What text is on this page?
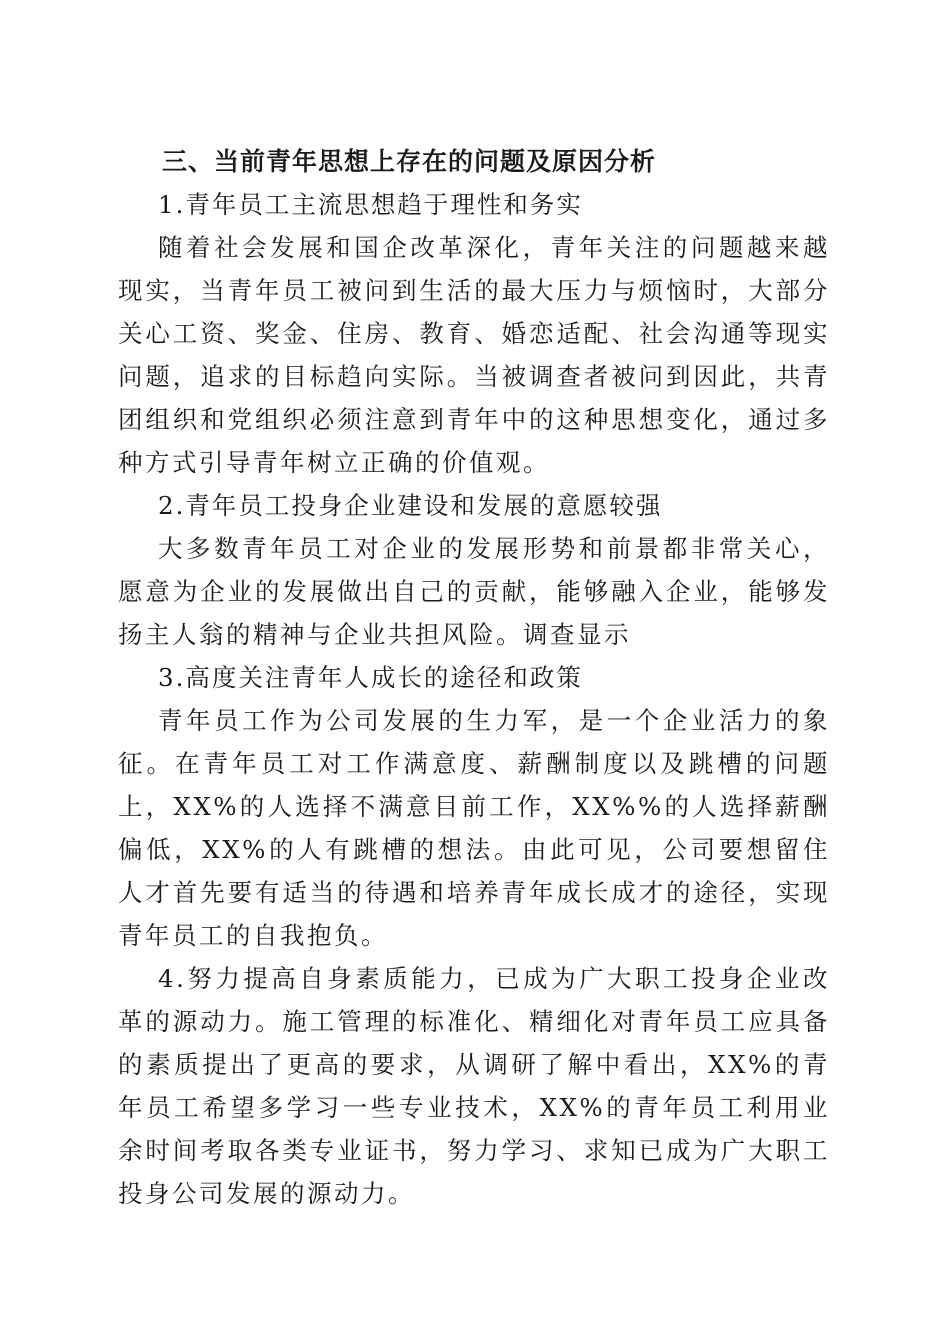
三、当前青年思想上存在的问题及原因分析

1.青年员工主流思想趋于理性和务实

随着社会发展和国企改革深化，青年关注的问题越来越现实，当青年员工被问到生活的最大压力与烦恼时，大部分关心工资、奖金、住房、教育、婚恋适配、社会沟通等现实问题，追求的目标趋向实际。当被调查者被问到因此，共青团组织和党组织必须注意到青年中的这种思想变化，通过多种方式引导青年树立正确的价值观。

2.青年员工投身企业建设和发展的意愿较强

大多数青年员工对企业的发展形势和前景都非常关心，愿意为企业的发展做出自己的贡献，能够融入企业，能够发扬主人翁的精神与企业共担风险。调查显示

3.高度关注青年人成长的途径和政策

青年员工作为公司发展的生力军，是一个企业活力的象征。在青年员工对工作满意度、薪酬制度以及跳槽的问题上，XX%的人选择不满意目前工作，XX%%的人选择薪酬偏低，XX%的人有跳槽的想法。由此可见，公司要想留住人才首先要有适当的待遇和培养青年成长成才的途径，实现青年员工的自我抱负。

4.努力提高自身素质能力，已成为广大职工投身企业改革的源动力。施工管理的标准化、精细化对青年员工应具备的素质提出了更高的要求，从调研了解中看出，XX%的青年员工希望多学习一些专业技术，XX%的青年员工利用业余时间考取各类专业证书，努力学习、求知已成为广大职工投身公司发展的源动力。
